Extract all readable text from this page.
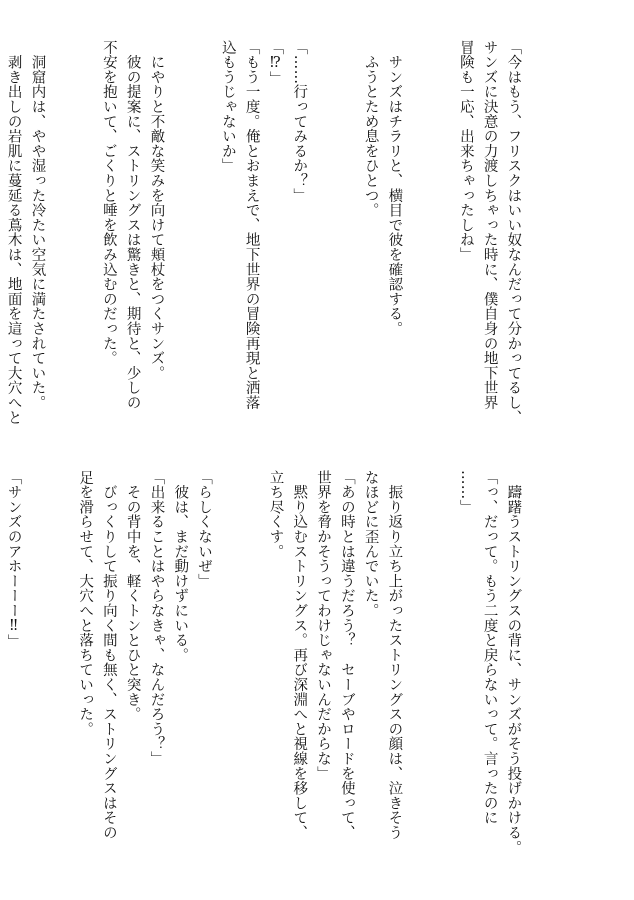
「今はもう、フリスクはいい奴なんだって分かってるし、
サンズに決意の力渡しちゃった時に、僕自身の地下世界
冒険も一応、出来ちゃったしね」

　サンズはチラリと、横目で彼を確認する。
　ふうとため息をひとつ。

「……行ってみるか？」
「⁉」
「もう一度。俺とおまえで、地下世界の冒険再現と洒落
込もうじゃないか」

　にやりと不敵な笑みを向けて頬杖をつくサンズ。
　彼の提案に、ストリングスは驚きと、期待と、少しの
不安を抱いて、ごくりと唾を飲み込むのだった。

　洞窟内は、やや湿った冷たい空気に満たされていた。
　剥き出しの岩肌に蔓延る蔦木は、地面を這って大穴へと

　躊躇うストリングスの背に、サンズがそう投げかける。
「っ、だって。もう二度と戻らないって。言ったのに
……」

　振り返り立ち上がったストリングスの顔は、泣きそう
なほどに歪んでいた。
「あの時とは違うだろう？　セーブやロードを使って、
世界を脅かそうってわけじゃないんだからな」
　黙り込むストリングス。再び深淵へと視線を移して、
立ち尽くす。

「らしくないぜ」
　彼は、まだ動けずにいる。
「出来ることはやらなきゃ、なんだろう？」
　その背中を、軽くトンとひと突き。
　びっくりして振り向く間も無く、ストリングスはその
足を滑らせて、大穴へと落ちていった。

「サンズのアホーーー‼」
